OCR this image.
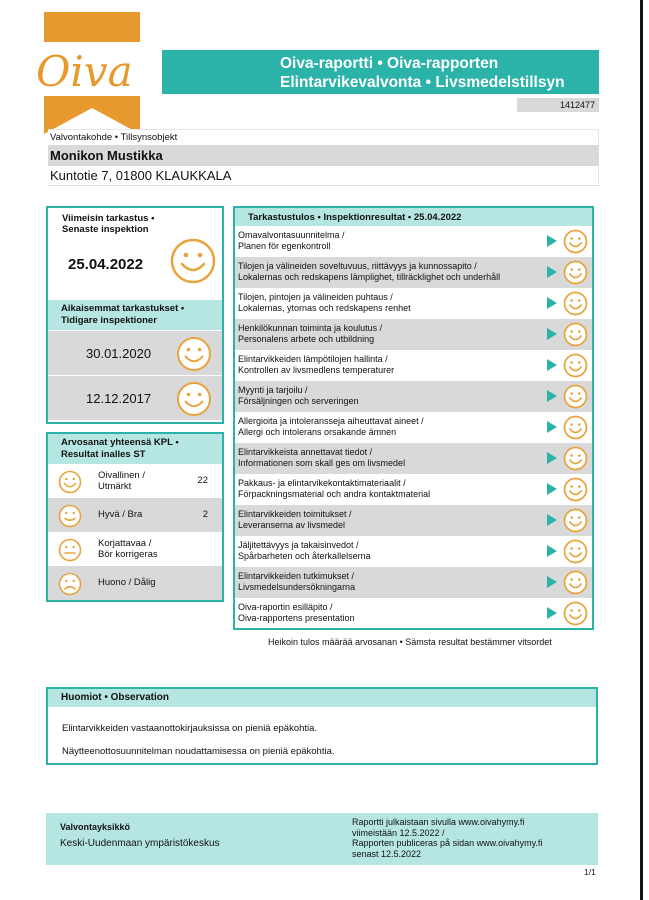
Oiva	Oiva-raportti • Oiva-rapporten
Elintarvikevalvonta • Livsmedelstillsyn
1412477
Valvontakohde • Tillsynsobjekt
Monikon Mustikka
Kuntotie 7, 01800 KLAUKKALA
Viimeisin tarkastus •
Senaste inspektion
25.04.2022
Aikaisemmat tarkastukset •
Tidigare inspektioner
30.01.2020
12.12.2017
Arvosanat yhteensä KPL •
Resultat inalles ST
Oivallinen /
Utmärkt
22
Hyvä / Bra	2
Korjattavaa /
Bör korrigeras
Huono / Dålig
Tarkastustulos • Inspektionresultat • 25.04.2022
Omavalvontasuunnitelma /
Planen för egenkontroll
Tilojen ja välineiden soveltuvuus, riittävyys ja kunnossapito /
Lokalernas och redskapens lämplighet, tillräcklighet och underhåll
Tilojen, pintojen ja välineiden puhtaus /
Lokalernas, ytornas och redskapens renhet
Henkilökunnan toiminta ja koulutus /
Personalens arbete och utbildning
Elintarvikkeiden lämpötilojen hallinta /
Kontrollen av livsmedlens temperaturer
Myynti ja tarjoilu /
Försäljningen och serveringen
Allergioita ja intoleransseja aiheuttavat aineet /
Allergi och intolerans orsakande ämnen
Elintarvikkeista annettavat tiedot /
Informationen som skall ges om livsmedel
Pakkaus- ja elintarvikekontaktimateriaalit /
Förpackningsmaterial och andra kontaktmaterial
Elintarvikkeiden toimitukset /
Leveranserna av livsmedel
Jäljitettävyys ja takaisinvedot /
Spårbarheten och återkallelserna
Elintarvikkeiden tutkimukset /
Livsmedelsundersökningarna
Oiva-raportin esilläpito /
Oiva-rapportens presentation
Heikoin tulos määrää arvosanan • Sämsta resultat bestämmer vitsordet
Huomiot • Observation
Elintarvikkeiden vastaanottokirjauksissa on pieniä epäkohtia.
Näytteenottosuunnitelman noudattamisessa on pieniä epäkohtia.
Valvontayksikkö
Keski-Uudenmaan ympäristökeskus
Raportti julkaistaan sivulla www.oivahymy.fi
viimeistään 12.5.2022 /
Rapporten publiceras på sidan www.oivahymy.fi
senast 12.5.2022
1/1
